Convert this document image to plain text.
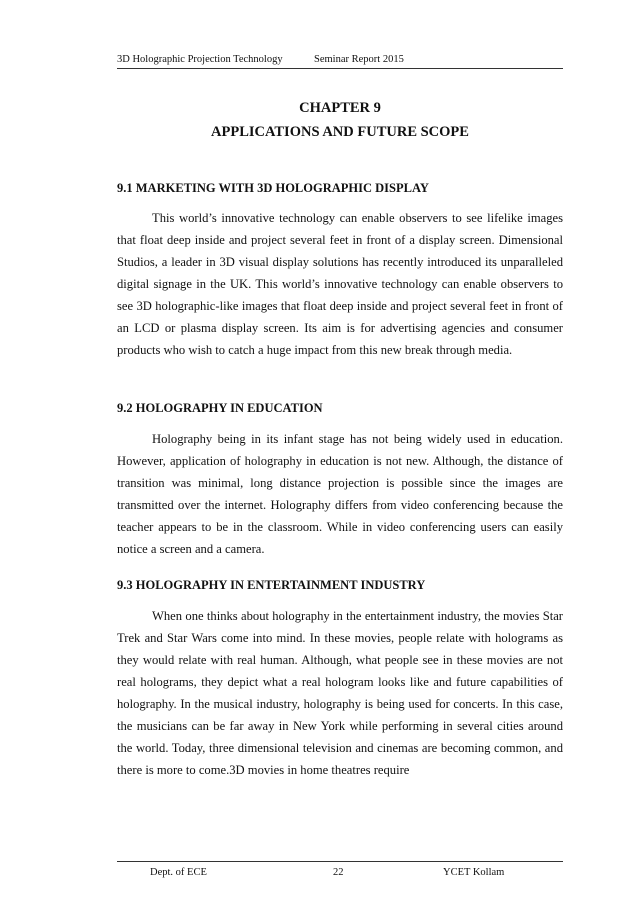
3D Holographic Projection Technology	Seminar Report 2015
CHAPTER 9
APPLICATIONS AND FUTURE SCOPE
9.1 MARKETING WITH 3D HOLOGRAPHIC DISPLAY

This world’s innovative technology can enable observers to see lifelike images that float deep inside and project several feet in front of a display screen. Dimensional Studios, a leader in 3D visual display solutions has recently introduced its unparalleled digital signage in the UK. This world’s innovative technology can enable observers to see 3D holographic-like images that float deep inside and project several feet in front of an LCD or plasma display screen. Its aim is for advertising agencies and consumer products who wish to catch a huge impact from this new break through media.

9.2 HOLOGRAPHY IN EDUCATION

Holography being in its infant stage has not being widely used in education. However, application of holography in education is not new. Although, the distance of transition was minimal, long distance projection is possible since the images are transmitted over the internet. Holography differs from video conferencing because the teacher appears to be in the classroom. While in video conferencing users can easily notice a screen and a camera.

9.3 HOLOGRAPHY IN ENTERTAINMENT INDUSTRY

When one thinks about holography in the entertainment industry, the movies Star Trek and Star Wars come into mind. In these movies, people relate with holograms as they would relate with real human. Although, what people see in these movies are not real holograms, they depict what a real hologram looks like and future capabilities of holography. In the musical industry, holography is being used for concerts. In this case, the musicians can be far away in New York while performing in several cities around the world. Today, three dimensional television and cinemas are becoming common, and there is more to come.3D movies in home theatres require

Dept. of ECE	22	YCET Kollam
